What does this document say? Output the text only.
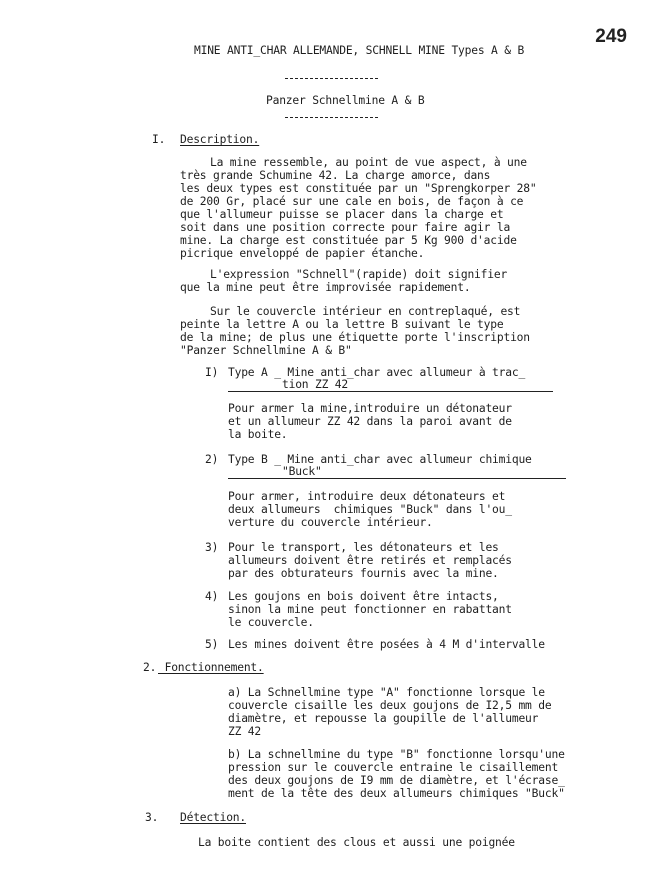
249
MINE ANTI_CHAR ALLEMANDE, SCHNELL MINE Types A & B
Panzer Schnellmine A & B
I. Description.
La mine ressemble, au point de vue aspect, à une
très grande Schumine 42. La charge amorce, dans
les deux types est constituée par un "Sprengkorper 28"
de 200 Gr, placé sur une cale en bois, de façon à ce
que l'allumeur puisse se placer dans la charge et
soit dans une position correcte pour faire agir la
mine. La charge est constituée par 5 Kg 900 d'acide
picrique enveloppé de papier étanche.
L'expression "Schnell"(rapide) doit signifier
que la mine peut être improvisée rapidement.
Sur le couvercle intérieur en contreplaqué, est
peinte la lettre A ou la lettre B suivant le type
de la mine; de plus une étiquette porte l'inscription
"Panzer Schnellmine A & B"
I) Type A _ Mine anti_char avec allumeur à trac_
tion ZZ 42
Pour armer la mine,introduire un détonateur
et un allumeur ZZ 42 dans la paroi avant de
la boite.
2) Type B _ Mine anti_char avec allumeur chimique
"Buck"
Pour armer, introduire deux détonateurs et
deux allumeurs  chimiques "Buck" dans l'ou_
verture du couvercle intérieur.
3) Pour le transport, les détonateurs et les
allumeurs doivent être retirés et remplacés
par des obturateurs fournis avec la mine.
4) Les goujons en bois doivent être intacts,
sinon la mine peut fonctionner en rabattant
le couvercle.
5) Les mines doivent être posées à 4 M d'intervalle
2. _Fonctionnement.
a) La Schnellmine type "A" fonctionne lorsque le
couvercle cisaille les deux goujons de I2,5 mm de
diamètre, et repousse la goupille de l'allumeur
ZZ 42
b) La schnellmine du type "B" fonctionne lorsqu'une
pression sur le couvercle entraine le cisaillement
des deux goujons de I9 mm de diamètre, et l'écrase_
ment de la tête des deux allumeurs chimiques "Buck"
3. Détection.
La boite contient des clous et aussi une poignée
